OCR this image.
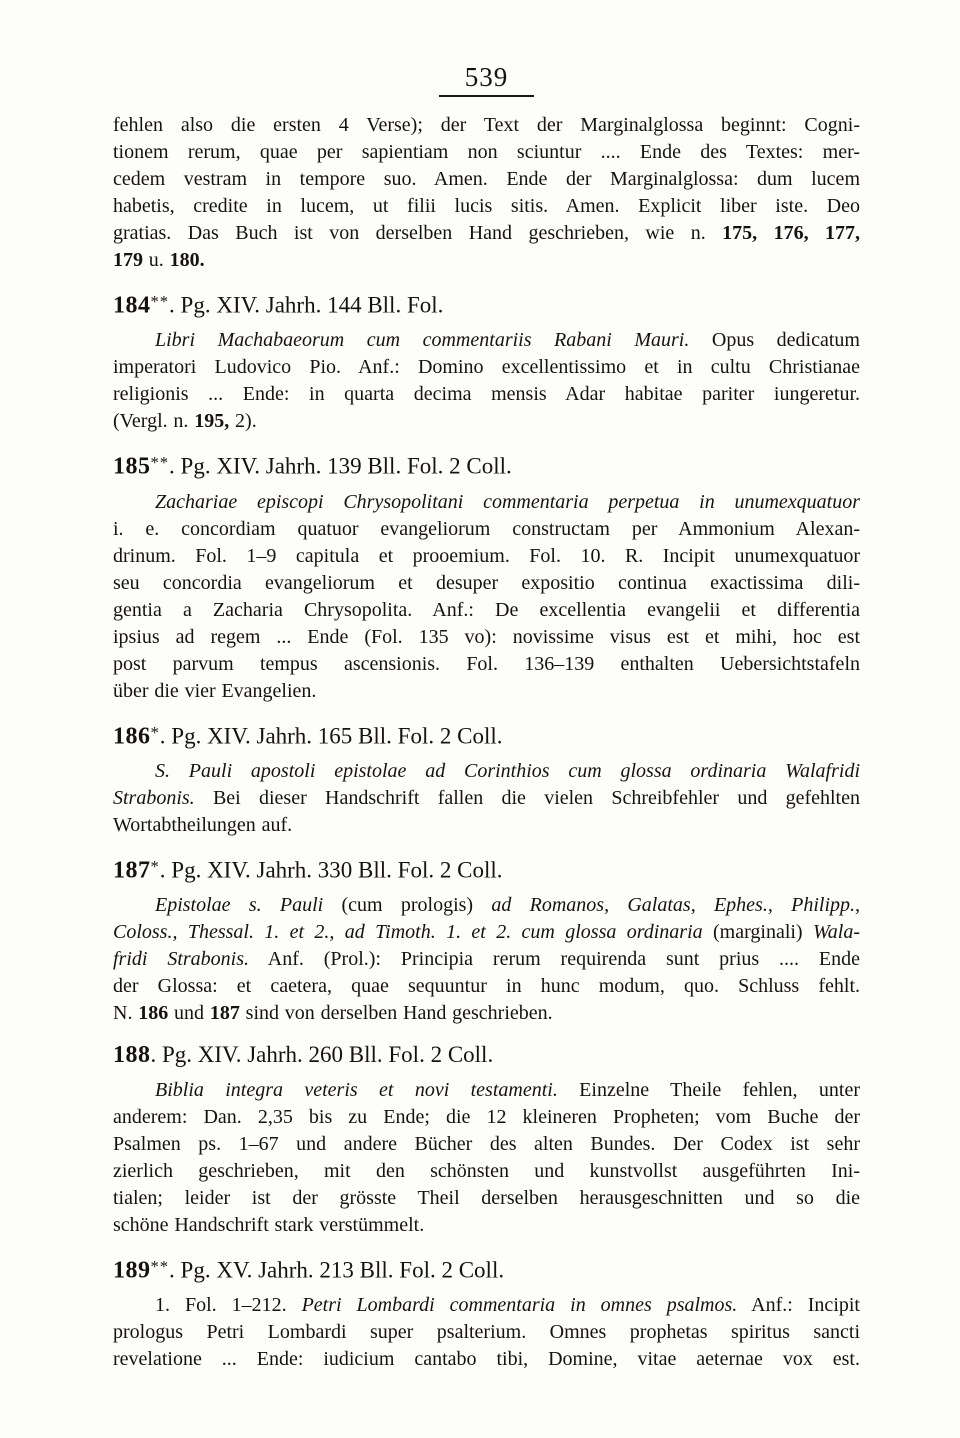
539
fehlen also die ersten 4 Verse); der Text der Marginalglossa beginnt: Cogni-
tionem rerum, quae per sapientiam non sciuntur .... Ende des Textes: mer-
cedem vestram in tempore suo. Amen. Ende der Marginalglossa: dum lucem
habetis, credite in lucem, ut filii lucis sitis. Amen. Explicit liber iste. Deo
gratias. Das Buch ist von derselben Hand geschrieben, wie n. 175, 176, 177,
179 u. 180.
184**. Pg. XIV. Jahrh. 144 Bll. Fol.
Libri Machabaeorum cum commentariis Rabani Mauri. Opus dedicatum
imperatori Ludovico Pio. Anf.: Domino excellentissimo et in cultu Christianae
religionis ... Ende: in quarta decima mensis Adar habitae pariter iungeretur.
(Vergl. n. 195, 2).
185**. Pg. XIV. Jahrh. 139 Bll. Fol. 2 Coll.
Zachariae episcopi Chrysopolitani commentaria perpetua in unumexquatuor
i. e. concordiam quatuor evangeliorum constructam per Ammonium Alexan-
drinum. Fol. 1–9 capitula et prooemium. Fol. 10. R. Incipit unumexquatuor
seu concordia evangeliorum et desuper expositio continua exactissima dili-
gentia a Zacharia Chrysopolita. Anf.: De excellentia evangelii et differentia
ipsius ad regem ... Ende (Fol. 135 vo): novissime visus est et mihi, hoc est
post parvum tempus ascensionis. Fol. 136–139 enthalten Uebersichtstafeln
über die vier Evangelien.
186*. Pg. XIV. Jahrh. 165 Bll. Fol. 2 Coll.
S. Pauli apostoli epistolae ad Corinthios cum glossa ordinaria Walafridi
Strabonis. Bei dieser Handschrift fallen die vielen Schreibfehler und gefehlten
Wortabtheilungen auf.
187*. Pg. XIV. Jahrh. 330 Bll. Fol. 2 Coll.
Epistolae s. Pauli (cum prologis) ad Romanos, Galatas, Ephes., Philipp.,
Coloss., Thessal. 1. et 2., ad Timoth. 1. et 2. cum glossa ordinaria (marginali) Wala-
fridi Strabonis. Anf. (Prol.): Principia rerum requirenda sunt prius .... Ende
der Glossa: et caetera, quae sequuntur in hunc modum, quo. Schluss fehlt.
N. 186 und 187 sind von derselben Hand geschrieben.
188. Pg. XIV. Jahrh. 260 Bll. Fol. 2 Coll.
Biblia integra veteris et novi testamenti. Einzelne Theile fehlen, unter
anderem: Dan. 2,35 bis zu Ende; die 12 kleineren Propheten; vom Buche der
Psalmen ps. 1–67 und andere Bücher des alten Bundes. Der Codex ist sehr
zierlich geschrieben, mit den schönsten und kunstvollst ausgeführten Ini-
tialen; leider ist der grösste Theil derselben herausgeschnitten und so die
schöne Handschrift stark verstümmelt.
189**. Pg. XV. Jahrh. 213 Bll. Fol. 2 Coll.
1. Fol. 1–212. Petri Lombardi commentaria in omnes psalmos. Anf.: Incipit
prologus Petri Lombardi super psalterium. Omnes prophetas spiritus sancti
revelatione ... Ende: iudicium cantabo tibi, Domine, vitae aeternae vox est.
